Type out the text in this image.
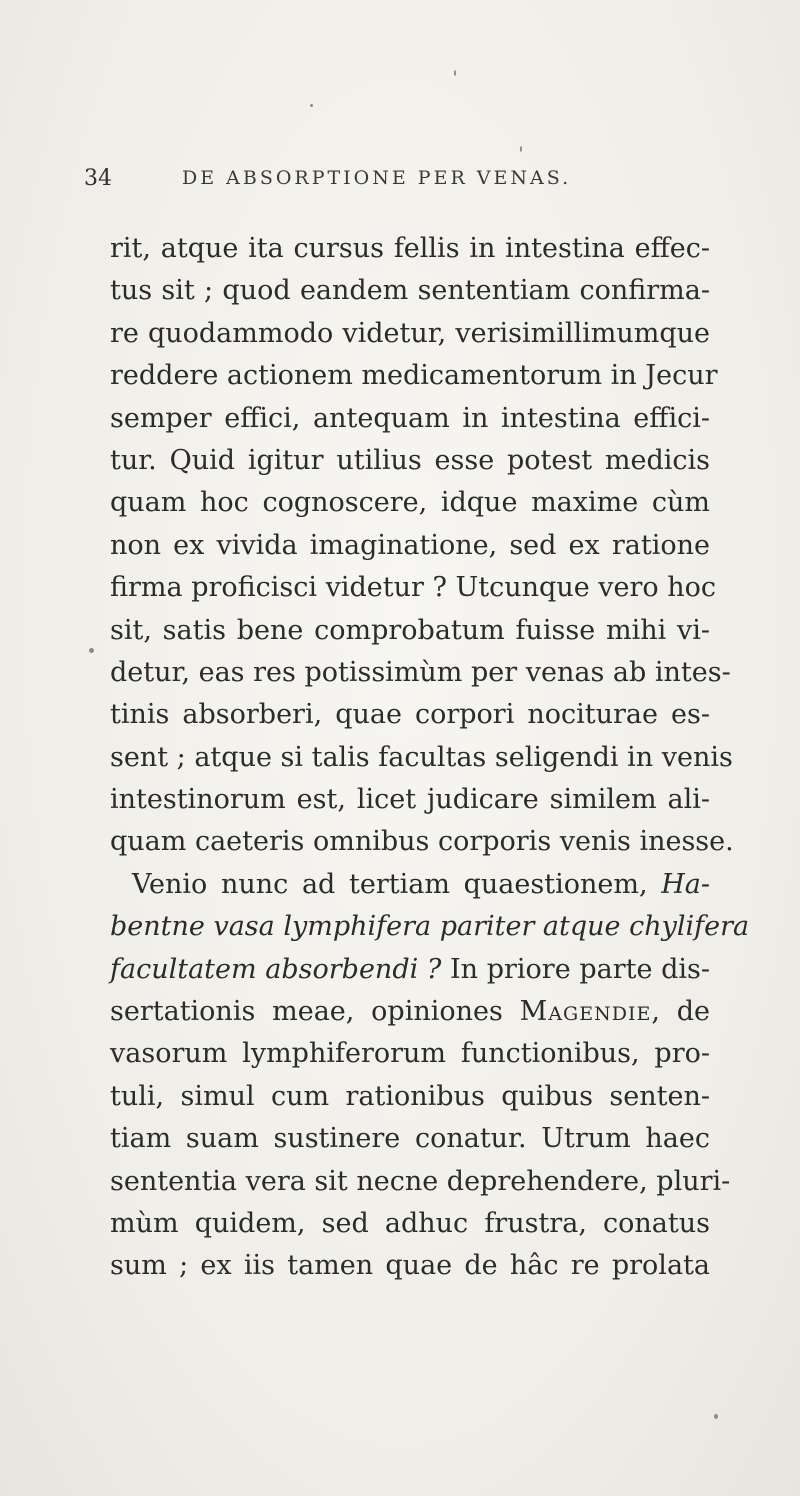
34	DE ABSORPTIONE PER VENAS.
rit, atque ita cursus fellis in intestina effec-
tus sit ; quod eandem sententiam confirma-
re quodammodo videtur, verisimillimumque
reddere actionem medicamentorum in Jecur
semper effici, antequam in intestina effici-
tur. Quid igitur utilius esse potest medicis
quam hoc cognoscere, idque maxime cùm
non ex vivida imaginatione, sed ex ratione
firma proficisci videtur ? Utcunque vero hoc
sit, satis bene comprobatum fuisse mihi vi-
detur, eas res potissimùm per venas ab intes-
tinis absorberi, quae corpori nociturae es-
sent ; atque si talis facultas seligendi in venis
intestinorum est, licet judicare similem ali-
quam caeteris omnibus corporis venis inesse.
Venio nunc ad tertiam quaestionem, Ha-
bentne vasa lymphifera pariter atque chylifera
facultatem absorbendi ? In priore parte dis-
sertationis meae, opiniones Magendie, de
vasorum lymphiferorum functionibus, pro-
tuli, simul cum rationibus quibus senten-
tiam suam sustinere conatur. Utrum haec
sententia vera sit necne deprehendere, pluri-
mùm quidem, sed adhuc frustra, conatus
sum ; ex iis tamen quae de hâc re prolata
